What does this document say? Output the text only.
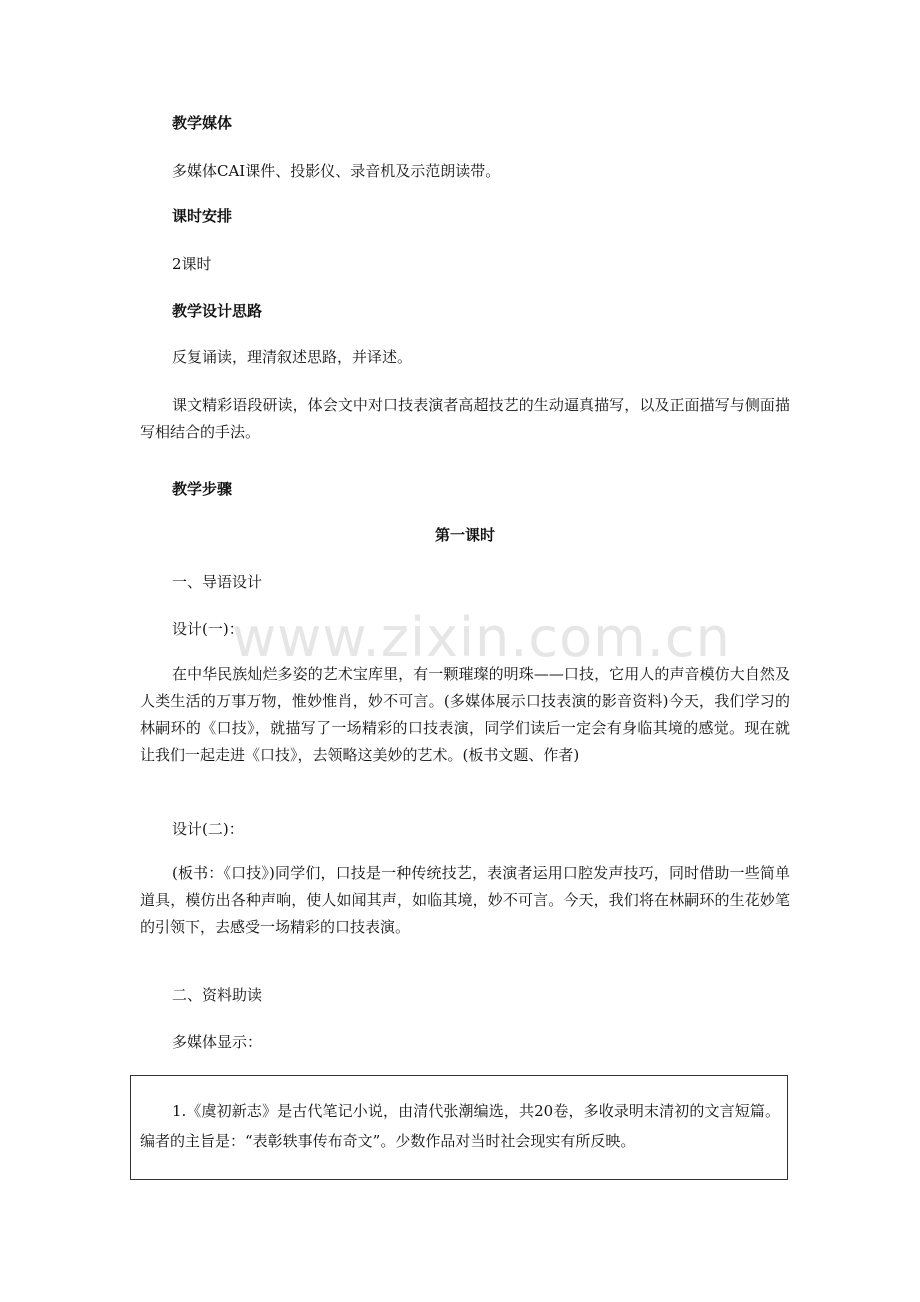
www.zixin.com.cn
教学媒体
多媒体CAI课件、投影仪、录音机及示范朗读带。
课时安排
2课时
教学设计思路
反复诵读，理清叙述思路，并译述。
课文精彩语段研读，体会文中对口技表演者高超技艺的生动逼真描写，以及正面描写与侧面描写相结合的手法。
教学步骤
第一课时
一、导语设计
设计(一)：
在中华民族灿烂多姿的艺术宝库里，有一颗璀璨的明珠——口技，它用人的声音模仿大自然及人类生活的万事万物，惟妙惟肖，妙不可言。(多媒体展示口技表演的影音资料)今天，我们学习的林嗣环的《口技》，就描写了一场精彩的口技表演，同学们读后一定会有身临其境的感觉。现在就让我们一起走进《口技》，去领略这美妙的艺术。(板书文题、作者)
设计(二)：
(板书：《口技》)同学们，口技是一种传统技艺，表演者运用口腔发声技巧，同时借助一些简单道具，模仿出各种声响，使人如闻其声，如临其境，妙不可言。今天，我们将在林嗣环的生花妙笔的引领下，去感受一场精彩的口技表演。
二、资料助读
多媒体显示：
1.《虞初新志》是古代笔记小说，由清代张潮编选，共20卷，多收录明末清初的文言短篇。编者的主旨是：“表彰轶事传布奇文”。少数作品对当时社会现实有所反映。
